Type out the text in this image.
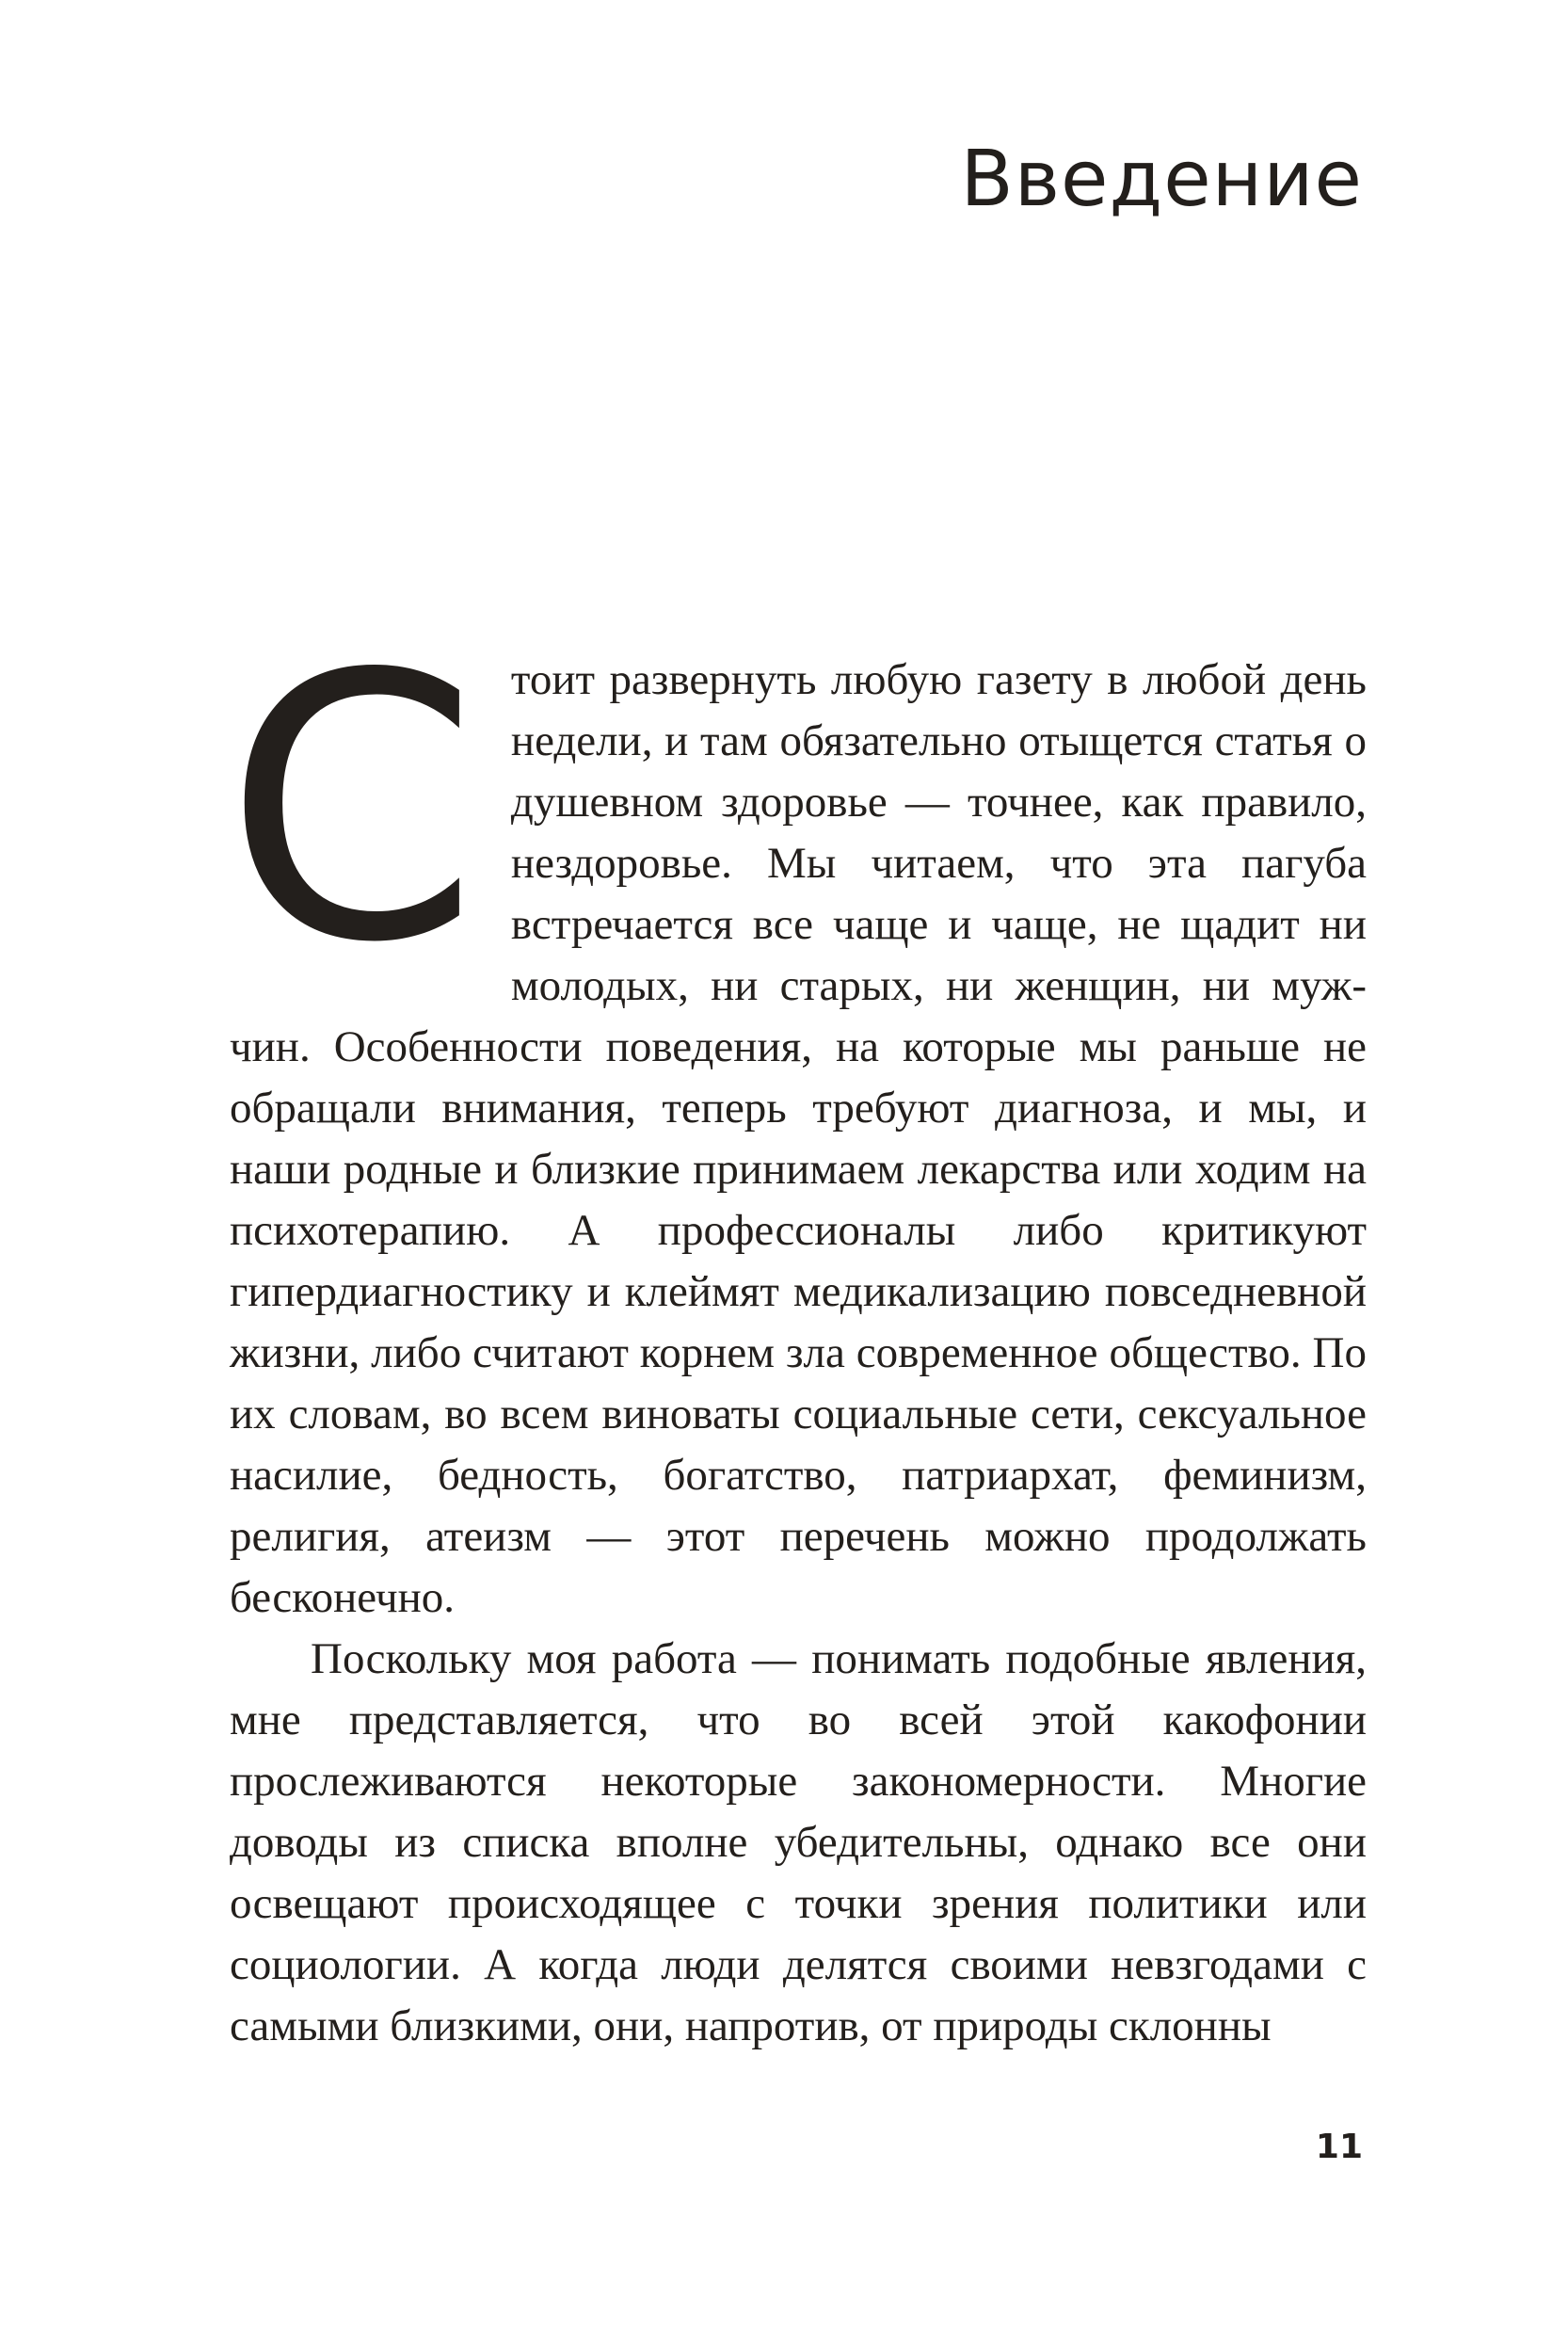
Введение

Стоит развернуть любую газету в любой день недели, и там обязательно отыщется статья о душевном здоровье — точнее, как правило, нездоровье. Мы читаем, что эта пагуба встречается все чаще и чаще, не щадит ни молодых, ни старых, ни женщин, ни мужчин. Особенности поведения, на которые мы раньше не обращали внимания, теперь требуют диагноза, и мы, и наши родные и близкие принимаем лекарства или ходим на психотерапию. А профессионалы либо критикуют гипердиагностику и клеймят медикализацию повседневной жизни, либо считают корнем зла современное общество. По их словам, во всем виноваты социальные сети, сексуальное насилие, бедность, богатство, патриархат, феминизм, религия, атеизм — этот перечень можно продолжать бесконечно.

Поскольку моя работа — понимать подобные явления, мне представляется, что во всей этой какофонии прослеживаются некоторые закономерности. Многие доводы из списка вполне убедительны, однако все они освещают происходящее с точки зрения политики или социологии. А когда люди делятся своими невзгодами с самыми близкими, они, напротив, от природы склонны

11
